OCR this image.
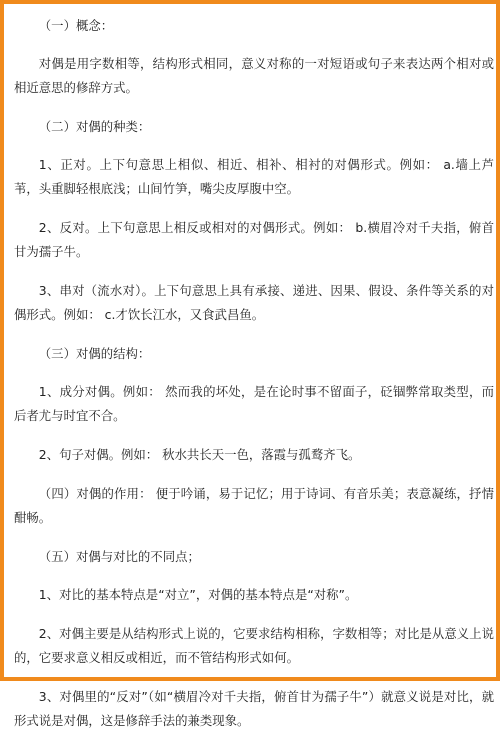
（一）概念：

对偶是用字数相等，结构形式相同，意义对称的一对短语或句子来表达两个相对或相近意思的修辞方式。

（二）对偶的种类：

1、正对。上下句意思上相似、相近、相补、相衬的对偶形式。例如： a.墙上芦苇，头重脚轻根底浅；山间竹笋，嘴尖皮厚腹中空。

2、反对。上下句意思上相反或相对的对偶形式。例如： b.横眉冷对千夫指，俯首甘为孺子牛。

3、串对（流水对）。上下句意思上具有承接、递进、因果、假设、条件等关系的对偶形式。例如： c.才饮长江水，又食武昌鱼。

（三）对偶的结构：

1、成分对偶。例如： 然而我的坏处，是在论时事不留面子，砭锢弊常取类型，而后者尤与时宜不合。

2、句子对偶。例如： 秋水共长天一色，落霞与孤鹜齐飞。

（四）对偶的作用： 便于吟诵，易于记忆；用于诗词、有音乐美；表意凝练，抒情酣畅。

（五）对偶与对比的不同点；

1、对比的基本特点是“对立”，对偶的基本特点是“对称”。

2、对偶主要是从结构形式上说的，它要求结构相称，字数相等；对比是从意义上说的，它要求意义相反或相近，而不管结构形式如何。

3、对偶里的“反对”（如“横眉冷对千夫指，俯首甘为孺子牛”）就意义说是对比，就形式说是对偶，这是修辞手法的兼类现象。
